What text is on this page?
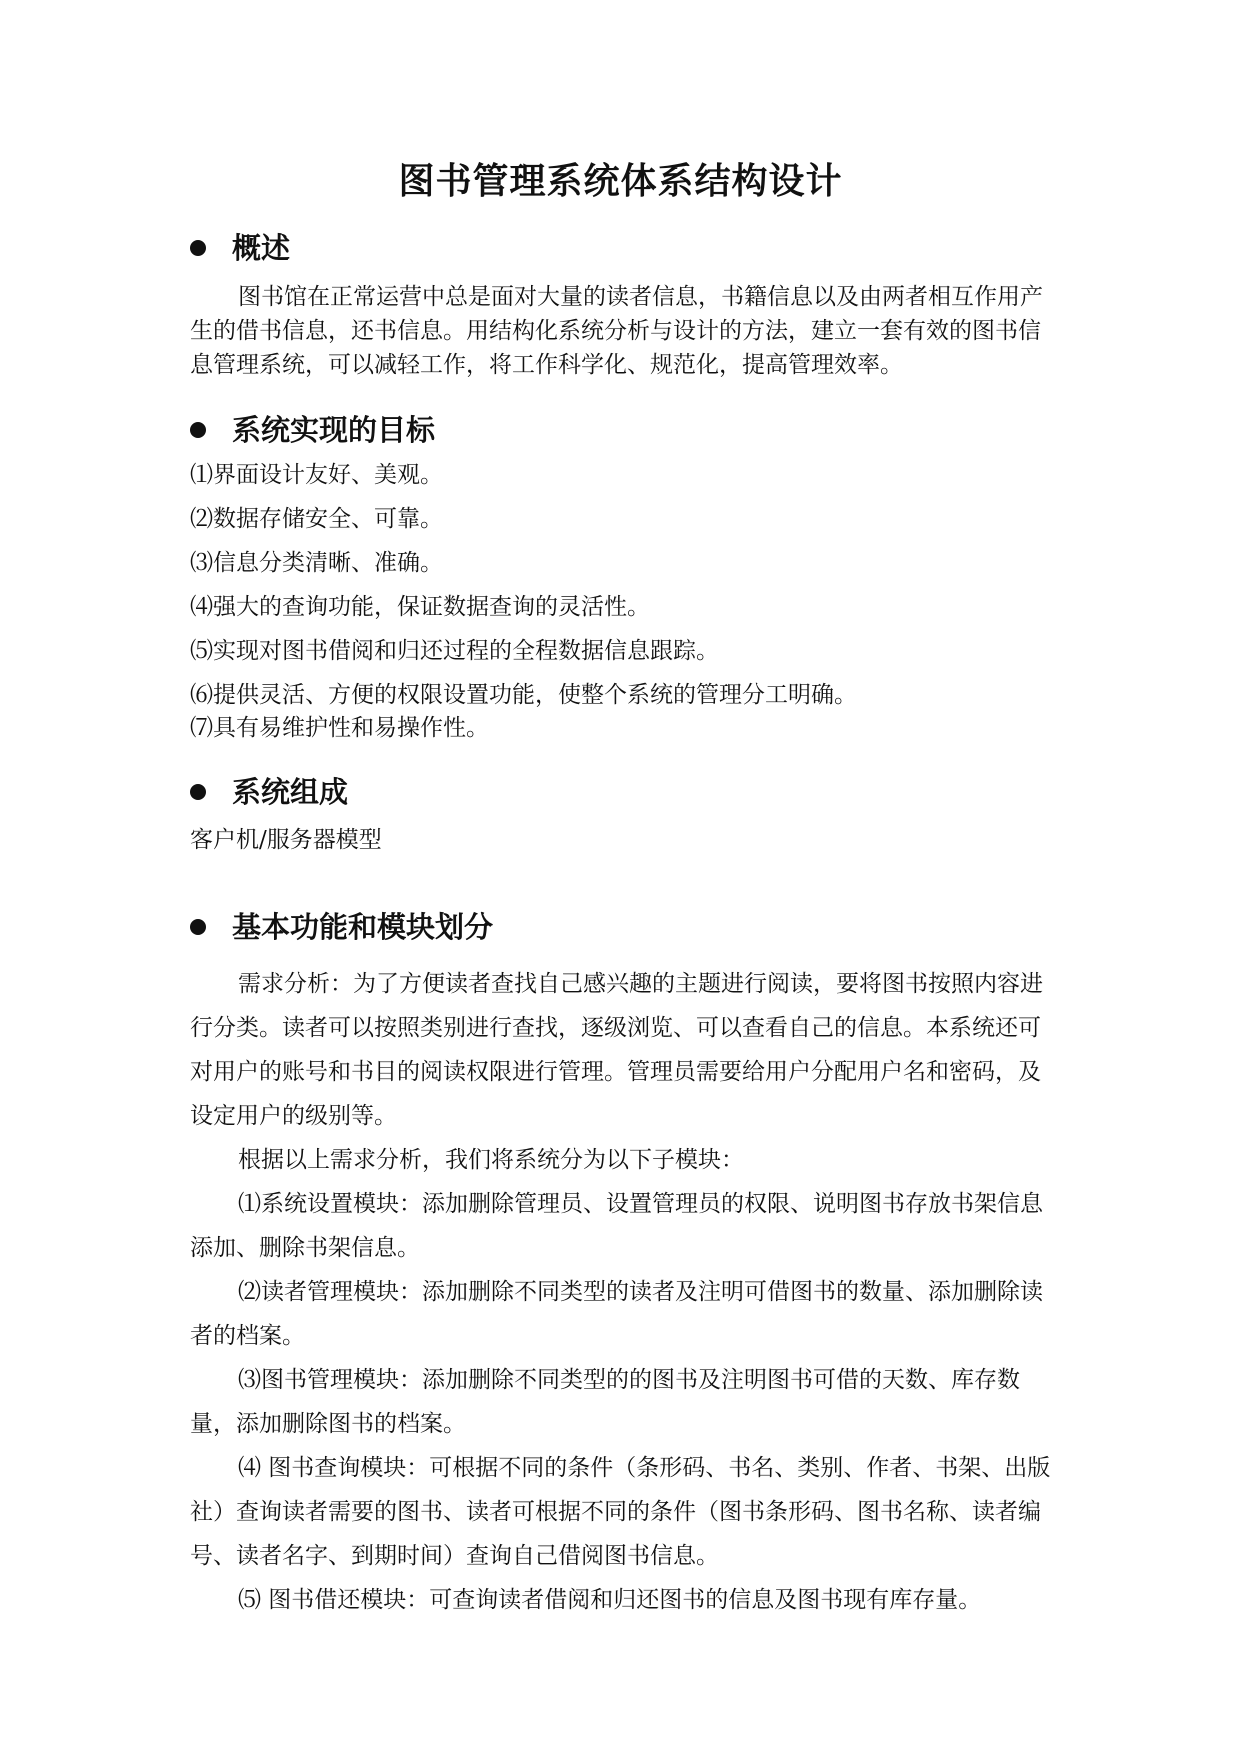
图书管理系统体系结构设计
概述

图书馆在正常运营中总是面对大量的读者信息，书籍信息以及由两者相互作用产生的借书信息，还书信息。用结构化系统分析与设计的方法，建立一套有效的图书信息管理系统，可以减轻工作，将工作科学化、规范化，提高管理效率。

系统实现的目标

⑴界面设计友好、美观。

⑵数据存储安全、可靠。

⑶信息分类清晰、准确。

⑷强大的查询功能，保证数据查询的灵活性。

⑸实现对图书借阅和归还过程的全程数据信息跟踪。

⑹提供灵活、方便的权限设置功能，使整个系统的管理分工明确。

⑺具有易维护性和易操作性。

系统组成

客户机/服务器模型

基本功能和模块划分

需求分析：为了方便读者查找自己感兴趣的主题进行阅读，要将图书按照内容进行分类。读者可以按照类别进行查找，逐级浏览、可以查看自己的信息。本系统还可对用户的账号和书目的阅读权限进行管理。管理员需要给用户分配用户名和密码，及设定用户的级别等。

根据以上需求分析，我们将系统分为以下子模块：

⑴系统设置模块：添加删除管理员、设置管理员的权限、说明图书存放书架信息添加、删除书架信息。

⑵读者管理模块：添加删除不同类型的读者及注明可借图书的数量、添加删除读者的档案。

⑶图书管理模块：添加删除不同类型的的图书及注明图书可借的天数、库存数量，添加删除图书的档案。

⑷ 图书查询模块：可根据不同的条件（条形码、书名、类别、作者、书架、出版社）查询读者需要的图书、读者可根据不同的条件（图书条形码、图书名称、读者编号、读者名字、到期时间）查询自己借阅图书信息。

⑸ 图书借还模块：可查询读者借阅和归还图书的信息及图书现有库存量。
